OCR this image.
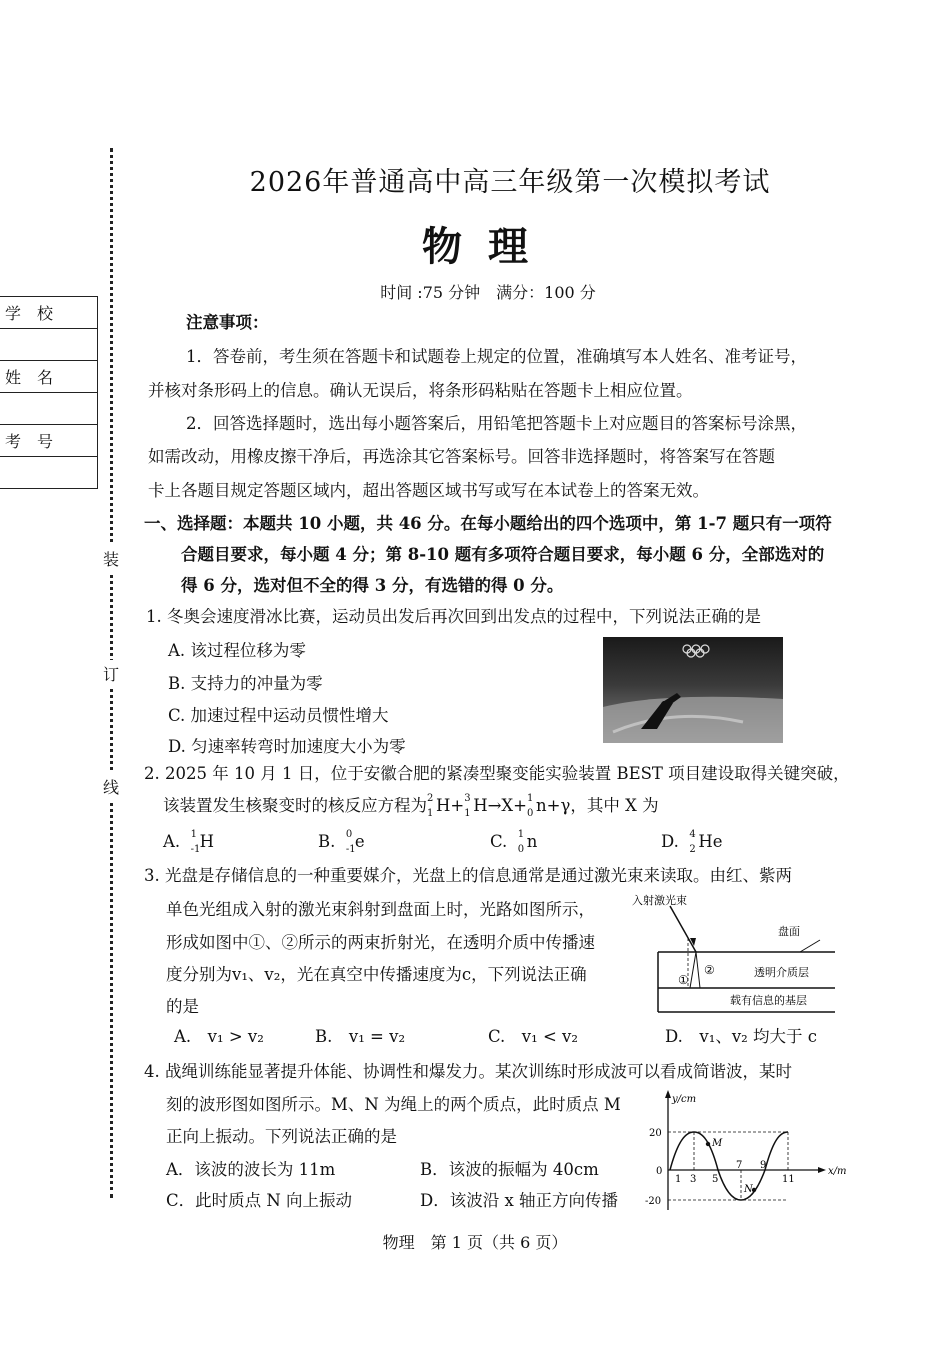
2026年普通高中高三年级第一次模拟考试
物理
时间 :75 分钟　满分：100 分
学　校

姓　名

考　号

装
订
线
注意事项：
1．答卷前，考生须在答题卡和试题卷上规定的位置，准确填写本人姓名、准考证号，
并核对条形码上的信息。确认无误后，将条形码粘贴在答题卡上相应位置。
2．回答选择题时，选出每小题答案后，用铅笔把答题卡上对应题目的答案标号涂黑，
如需改动，用橡皮擦干净后，再选涂其它答案标号。回答非选择题时，将答案写在答题
卡上各题目规定答题区域内，超出答题区域书写或写在本试卷上的答案无效。
一、选择题：本题共 10 小题，共 46 分。在每小题给出的四个选项中，第 1-7 题只有一项符
合题目要求，每小题 4 分；第 8-10 题有多项符合题目要求，每小题 6 分，全部选对的
得 6 分，选对但不全的得 3 分，有选错的得 0 分。
1. 冬奥会速度滑冰比赛，运动员出发后再次回到出发点的过程中，下列说法正确的是
A. 该过程位移为零
B. 支持力的冲量为零
C. 加速过程中运动员惯性增大
D. 匀速率转弯时加速度大小为零
2. 2025 年 10 月 1 日，位于安徽合肥的紧凑型聚变能实验装置 BEST 项目建设取得关键突破，
该装置发生核聚变时的核反应方程为 2
1 H+ 3
1 H→X+ 1
0 n+γ，其中 X 为
A. 1
-1 H	B. 0
-1 e	C. 1
0 n	D. 4
2 He
3. 光盘是存储信息的一种重要媒介，光盘上的信息通常是通过激光束来读取。由红、紫两
单色光组成入射的激光束斜射到盘面上时，光路如图所示，
形成如图中①、②所示的两束折射光，在透明介质中传播速
度分别为v₁、v₂，光在真空中传播速度为c，下列说法正确
的是
A.　v₁ > v₂	B.　v₁ = v₂	C.　v₁ < v₂	D.　v₁、v₂ 均大于 c
入射激光束
盘面
透明介质层
载有信息的基层
①
②
4. 战绳训练能显著提升体能、协调性和爆发力。某次训练时形成波可以看成简谐波，某时
刻的波形图如图所示。M、N 为绳上的两个质点，此时质点 M
正向上振动。下列说法正确的是
A．该波的波长为 11m	B．该波的振幅为 40cm
C．此时质点 N 向上振动	D．该波沿 x 轴正方向传播
y/cm
x/m
20
-20
0
1 3 5
7 9
11
M
N
物理　第 1 页（共 6 页）
